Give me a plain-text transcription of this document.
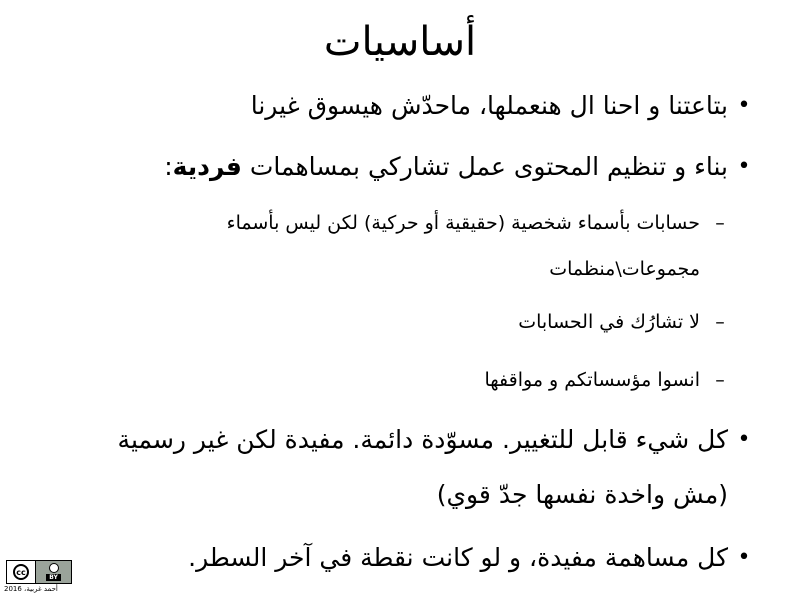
أساسيات
•
بتاعتنا و احنا ال هنعملها، ماحدّش هيسوق غيرنا
•
بناء و تنظيم المحتوى عمل تشاركي بمساهمات فردية:
–
حسابات بأسماء شخصية (حقيقية أو حركية) لكن ليس بأسماء
مجموعات\منظمات
–
لا تشارُك في الحسابات
–
انسوا مؤسساتكم و مواقفها
•
كل شيء قابل للتغيير. مسوّدة دائمة. مفيدة لكن غير رسمية
(مش واخدة نفسها جدّ قوي)
•
كل مساهمة مفيدة، و لو كانت نقطة في آخر السطر.
cc
BY
أحمد غربية، 2016
